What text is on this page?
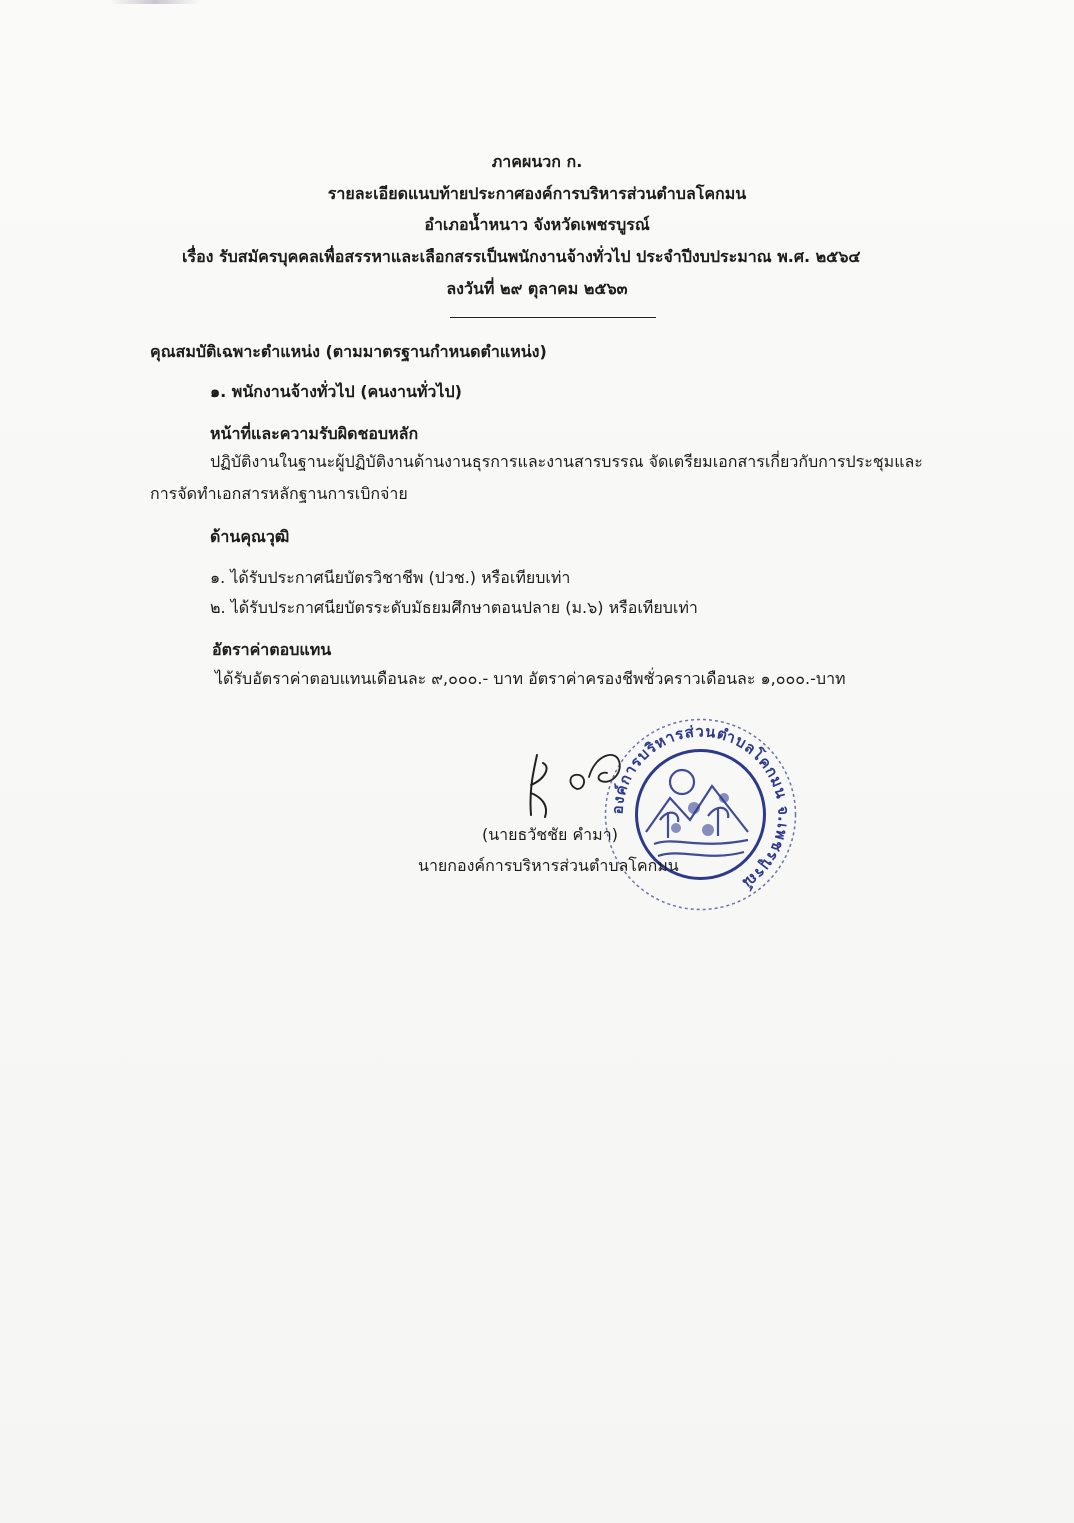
ภาคผนวก ก.
รายละเอียดแนบท้ายประกาศองค์การบริหารส่วนตำบลโคกมน
อำเภอน้ำหนาว จังหวัดเพชรบูรณ์
เรื่อง รับสมัครบุคคลเพื่อสรรหาและเลือกสรรเป็นพนักงานจ้างทั่วไป ประจำปีงบประมาณ พ.ศ. ๒๕๖๔
ลงวันที่ ๒๙ ตุลาคม ๒๕๖๓
คุณสมบัติเฉพาะตำแหน่ง (ตามมาตรฐานกำหนดตำแหน่ง)
๑. พนักงานจ้างทั่วไป (คนงานทั่วไป)
หน้าที่และความรับผิดชอบหลัก
ปฏิบัติงานในฐานะผู้ปฏิบัติงานด้านงานธุรการและงานสารบรรณ จัดเตรียมเอกสารเกี่ยวกับการประชุมและ
การจัดทำเอกสารหลักฐานการเบิกจ่าย
ด้านคุณวุฒิ
๑. ได้รับประกาศนียบัตรวิชาชีพ (ปวช.) หรือเทียบเท่า
๒. ได้รับประกาศนียบัตรระดับมัธยมศึกษาตอนปลาย (ม.๖) หรือเทียบเท่า
อัตราค่าตอบแทน
ได้รับอัตราค่าตอบแทนเดือนละ ๙,๐๐๐.- บาท อัตราค่าครองชีพชั่วคราวเดือนละ ๑,๐๐๐.-บาท
องค์การบริหารส่วนตำบลโคกมน จ.เพชรบูรณ์
(นายธวัชชัย คำมา)
นายกองค์การบริหารส่วนตำบลโคกมน
